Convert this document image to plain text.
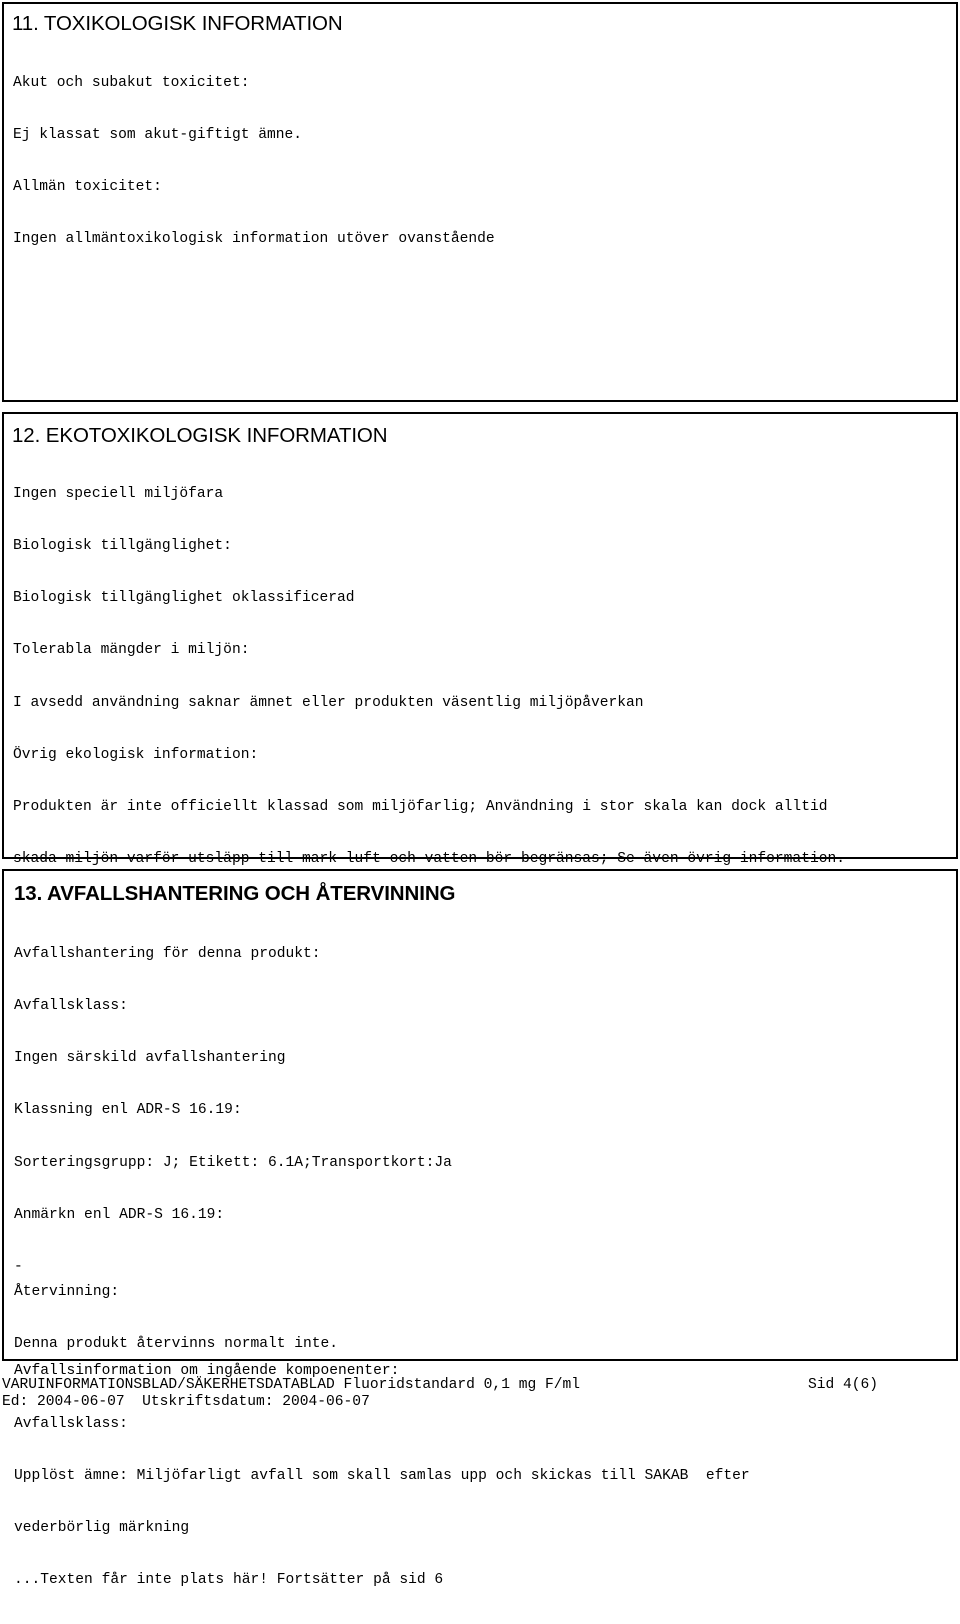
11. TOXIKOLOGISK INFORMATION

Akut och subakut toxicitet:

Ej klassat som akut-giftigt ämne.

Allmän toxicitet:

Ingen allmäntoxikologisk information utöver ovanstående

12. EKOTOXIKOLOGISK INFORMATION

Ingen speciell miljöfara

Biologisk tillgänglighet:

Biologisk tillgänglighet oklassificerad

Tolerabla mängder i miljön:

I avsedd användning saknar ämnet eller produkten väsentlig miljöpåverkan

Övrig ekologisk information:

Produkten är inte officiellt klassad som miljöfarlig; Användning i stor skala kan dock alltid

skada miljön varför utsläpp till mark luft och vatten bör begränsas; Se även övrig information.

13. AVFALLSHANTERING OCH ÅTERVINNING

Avfallshantering för denna produkt:

Avfallsklass:

Ingen särskild avfallshantering

Klassning enl ADR-S 16.19:

Sorteringsgrupp: J; Etikett: 6.1A;Transportkort:Ja

Anmärkn enl ADR-S 16.19:

-

Avfallsinformation om ingående kompoenenter:

Avfallsklass:

Upplöst ämne: Miljöfarligt avfall som skall samlas upp och skickas till SAKAB  efter

vederbörlig märkning

...Texten får inte plats här! Fortsätter på sid 6

Återvinning:

Denna produkt återvinns normalt inte.

VARUINFORMATIONSBLAD/SÄKERHETSDATABLAD Fluoridstandard 0,1 mg F/ml	Sid 4(6)
Ed: 2004-06-07  Utskriftsdatum: 2004-06-07
